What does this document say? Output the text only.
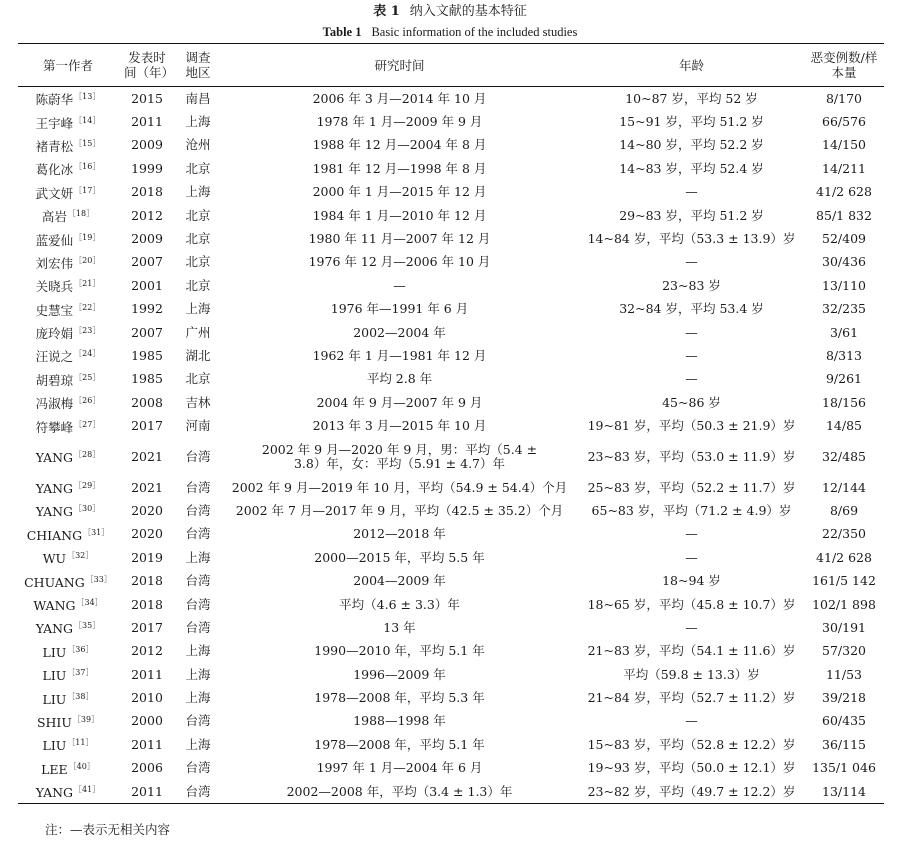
表 1 纳入文献的基本特征
Table 1 Basic information of the included studies
第一作者	发表时间（年）	调查地区	研究时间	年龄	恶变例数/样本量
陈蔚华$^{[13]}$	2015	南昌	2006 年 3 月—2014 年 10 月	10~87 岁，平均 52 岁	8/170
王宇峰$^{[14]}$	2011	上海	1978 年 1 月—2009 年 9 月	15~91 岁，平均 51.2 岁	66/576
褚青松$^{[15]}$	2009	沧州	1988 年 12 月—2004 年 8 月	14~80 岁，平均 52.2 岁	14/150
葛化冰$^{[16]}$	1999	北京	1981 年 12 月—1998 年 8 月	14~83 岁，平均 52.4 岁	14/211
武文妍$^{[17]}$	2018	上海	2000 年 1 月—2015 年 12 月	—	41/2 628
高岩$^{[18]}$	2012	北京	1984 年 1 月—2010 年 12 月	29~83 岁，平均 51.2 岁	85/1 832
蓝爱仙$^{[19]}$	2009	北京	1980 年 11 月—2007 年 12 月	14~84 岁，平均（53.3 ± 13.9）岁	52/409
刘宏伟$^{[20]}$	2007	北京	1976 年 12 月—2006 年 10 月	—	30/436
关晓兵$^{[21]}$	2001	北京	—	23~83 岁	13/110
史慧宝$^{[22]}$	1992	上海	1976 年—1991 年 6 月	32~84 岁，平均 53.4 岁	32/235
庞玲娟$^{[23]}$	2007	广州	2002—2004 年	—	3/61
汪说之$^{[24]}$	1985	湖北	1962 年 1 月—1981 年 12 月	—	8/313
胡碧琼$^{[25]}$	1985	北京	平均 2.8 年	—	9/261
冯淑梅$^{[26]}$	2008	吉林	2004 年 9 月—2007 年 9 月	45~86 岁	18/156
符攀峰$^{[27]}$	2017	河南	2013 年 3 月—2015 年 10 月	19~81 岁，平均（50.3 ± 21.9）岁	14/85
$YANG^{[28]}$	2021	台湾	2002 年 9 月—2020 年 9 月，男：平均（5.4 ± 3.8）年，女：平均（5.91 ± 4.7）年	23~83 岁，平均（53.0 ± 11.9）岁	32/485
$YANG^{[29]}$	2021	台湾	2002 年 9 月—2019 年 10 月，平均（54.9 ± 54.4）个月	25~83 岁，平均（52.2 ± 11.7）岁	12/144
$YANG^{[30]}$	2020	台湾	2002 年 7 月—2017 年 9 月，平均（42.5 ± 35.2）个月	65~83 岁，平均（71.2 ± 4.9）岁	8/69
$CHIANG^{[31]}$	2020	台湾	2012—2018 年	—	22/350
$WU^{[32]}$	2019	上海	2000—2015 年，平均 5.5 年	—	41/2 628
$CHUANG^{[33]}$	2018	台湾	2004—2009 年	18~94 岁	161/5 142
$WANG^{[34]}$	2018	台湾	平均（4.6 ± 3.3）年	18~65 岁，平均（45.8 ± 10.7）岁	102/1 898
$YANG^{[35]}$	2017	台湾	13 年	—	30/191
$LIU^{[36]}$	2012	上海	1990—2010 年，平均 5.1 年	21~83 岁，平均（54.1 ± 11.6）岁	57/320
$LIU^{[37]}$	2011	上海	1996—2009 年	平均（59.8 ± 13.3）岁	11/53
$LIU^{[38]}$	2010	上海	1978—2008 年，平均 5.3 年	21~84 岁，平均（52.7 ± 11.2）岁	39/218
$SHIU^{[39]}$	2000	台湾	1988—1998 年	—	60/435
$LIU^{[11]}$	2011	上海	1978—2008 年，平均 5.1 年	15~83 岁，平均（52.8 ± 12.2）岁	36/115
$LEE^{[40]}$	2006	台湾	1997 年 1 月—2004 年 6 月	19~93 岁，平均（50.0 ± 12.1）岁	135/1 046
$YANG^{[41]}$	2011	台湾	2002—2008 年，平均（3.4 ± 1.3）年	23~82 岁，平均（49.7 ± 12.2）岁	13/114
注：—表示无相关内容
